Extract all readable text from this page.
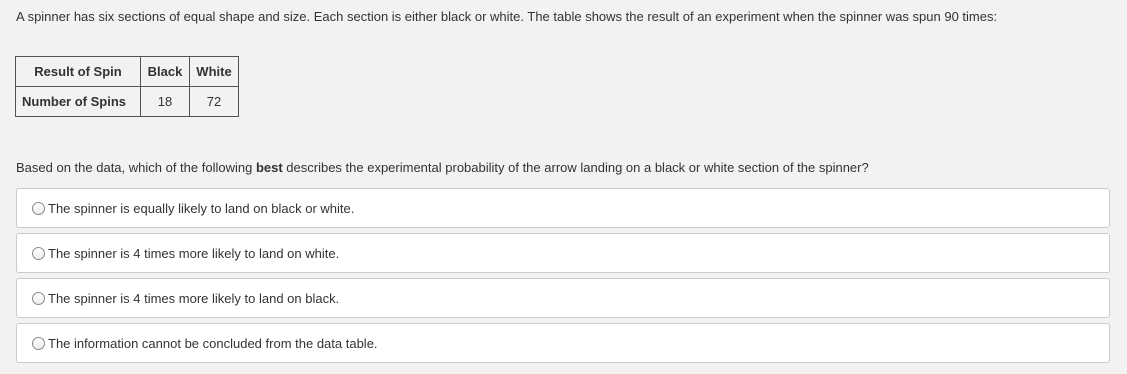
A spinner has six sections of equal shape and size. Each section is either black or white. The table shows the result of an experiment when the spinner was spun 90 times:
Result of Spin	Black	White
Number of Spins	18	72
Based on the data, which of the following best describes the experimental probability of the arrow landing on a black or white section of the spinner?
The spinner is equally likely to land on black or white.
The spinner is 4 times more likely to land on white.
The spinner is 4 times more likely to land on black.
The information cannot be concluded from the data table.
